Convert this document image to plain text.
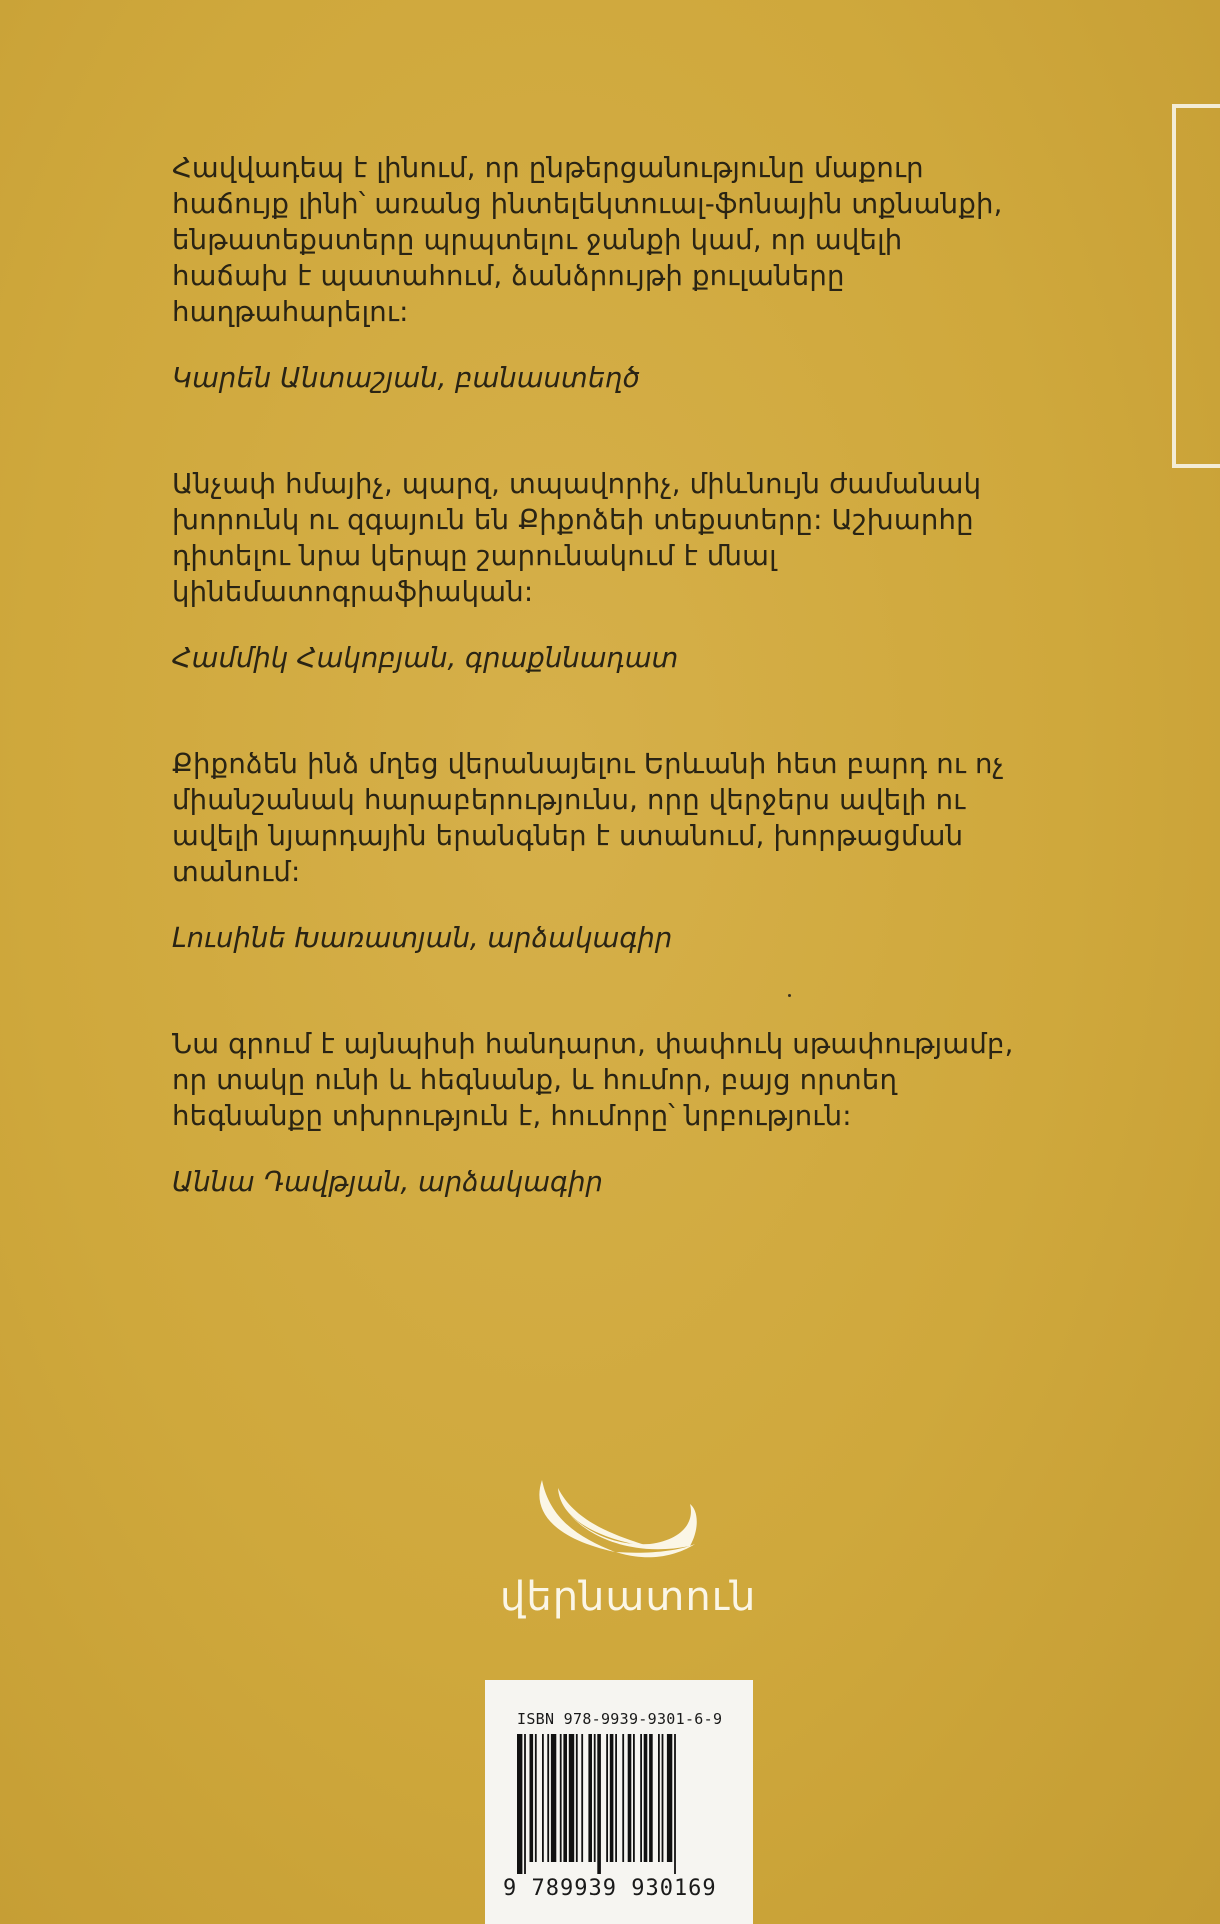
Հավվադեպ է լինում, որ ընթերցանությունը մաքուր

հաճույք լինի՝ առանց ինտելեկտուալ-ֆոնային տքնանքի,

ենթատեքստերը պրպտելու ջանքի կամ, որ ավելի

հաճախ է պատահում, ձանձրույթի քուլաները

հաղթահարելու:

Կարեն Անտաշյան, բանաստեղծ

Անչափ հմայիչ, պարզ, տպավորիչ, միևնույն ժամանակ

խորունկ ու զգայուն են Քիքոձեի տեքստերը: Աշխարհը

դիտելու նրա կերպը շարունակում է մնալ

կինեմատոգրաֆիական:

Համմիկ Հակոբյան, գրաքննադատ

Քիքոձեն ինձ մղեց վերանայելու Երևանի հետ բարդ ու ոչ

միանշանակ հարաբերությունս, որը վերջերս ավելի ու

ավելի նյարդային երանգներ է ստանում, խորթացման

տանում:

Լուսինե Խառատյան, արձակագիր

Նա գրում է այնպիսի հանդարտ, փափուկ սթափությամբ,

որ տակը ունի և հեգնանք, և հումոր, բայց որտեղ

հեգնանքը տխրություն է, հումորը՝ նրբություն:

Աննա Դավթյան, արձակագիր

վերնատուն
ISBN 978-9939-9301-6-9
9 789939 930169
